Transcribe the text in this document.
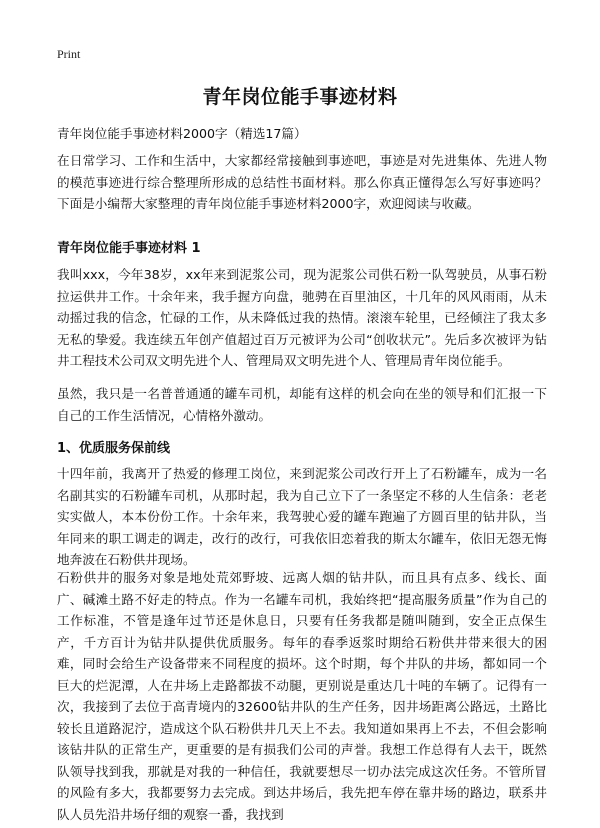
Print
青年岗位能手事迹材料
青年岗位能手事迹材料2000字（精选17篇）

在日常学习、工作和生活中，大家都经常接触到事迹吧，事迹是对先进集体、先进人物的模范事迹进行综合整理所形成的总结性书面材料。那么你真正懂得怎么写好事迹吗？下面是小编帮大家整理的青年岗位能手事迹材料2000字，欢迎阅读与收藏。

青年岗位能手事迹材料 1

我叫xxx，今年38岁，xx年来到泥浆公司，现为泥浆公司供石粉一队驾驶员，从事石粉拉运供井工作。十余年来，我手握方向盘，驰骋在百里油区，十几年的风风雨雨，从未动摇过我的信念，忙碌的工作，从未降低过我的热情。滚滚车轮里，已经倾注了我太多无私的挚爱。我连续五年创产值超过百万元被评为公司“创收状元”。先后多次被评为钻井工程技术公司双文明先进个人、管理局双文明先进个人、管理局青年岗位能手。

虽然，我只是一名普普通通的罐车司机，却能有这样的机会向在坐的领导和们汇报一下自己的工作生活情况，心情格外激动。

1、优质服务保前线

十四年前，我离开了热爱的修理工岗位，来到泥浆公司改行开上了石粉罐车，成为一名名副其实的石粉罐车司机，从那时起，我为自己立下了一条坚定不移的人生信条：老老实实做人，本本份份工作。十余年来，我驾驶心爱的罐车跑遍了方圆百里的钻井队，当年同来的职工调走的调走，改行的改行，可我依旧恋着我的斯太尔罐车，依旧无怨无悔地奔波在石粉供井现场。

石粉供井的服务对象是地处荒郊野坡、远离人烟的钻井队，而且具有点多、线长、面广、碱滩土路不好走的特点。作为一名罐车司机，我始终把“提高服务质量”作为自己的工作标准，不管是逢年过节还是休息日，只要有任务我都是随叫随到，安全正点保生产，千方百计为钻井队提供优质服务。每年的春季返浆时期给石粉供井带来很大的困难，同时会给生产设备带来不同程度的损坏。这个时期，每个井队的井场，都如同一个巨大的烂泥潭，人在井场上走路都拔不动腿，更别说是重达几十吨的车辆了。记得有一次，我接到了去位于高青境内的32600钻井队的生产任务，因井场距离公路远，土路比较长且道路泥泞，造成这个队石粉供井几天上不去。我知道如果再上不去，不但会影响该钻井队的正常生产，更重要的是有损我们公司的声誉。我想工作总得有人去干，既然队领导找到我，那就是对我的一种信任，我就要想尽一切办法完成这次任务。不管所冒的风险有多大，我都要努力去完成。到达井场后，我先把车停在靠井场的路边，联系井队人员先沿井场仔细的观察一番，我找到
